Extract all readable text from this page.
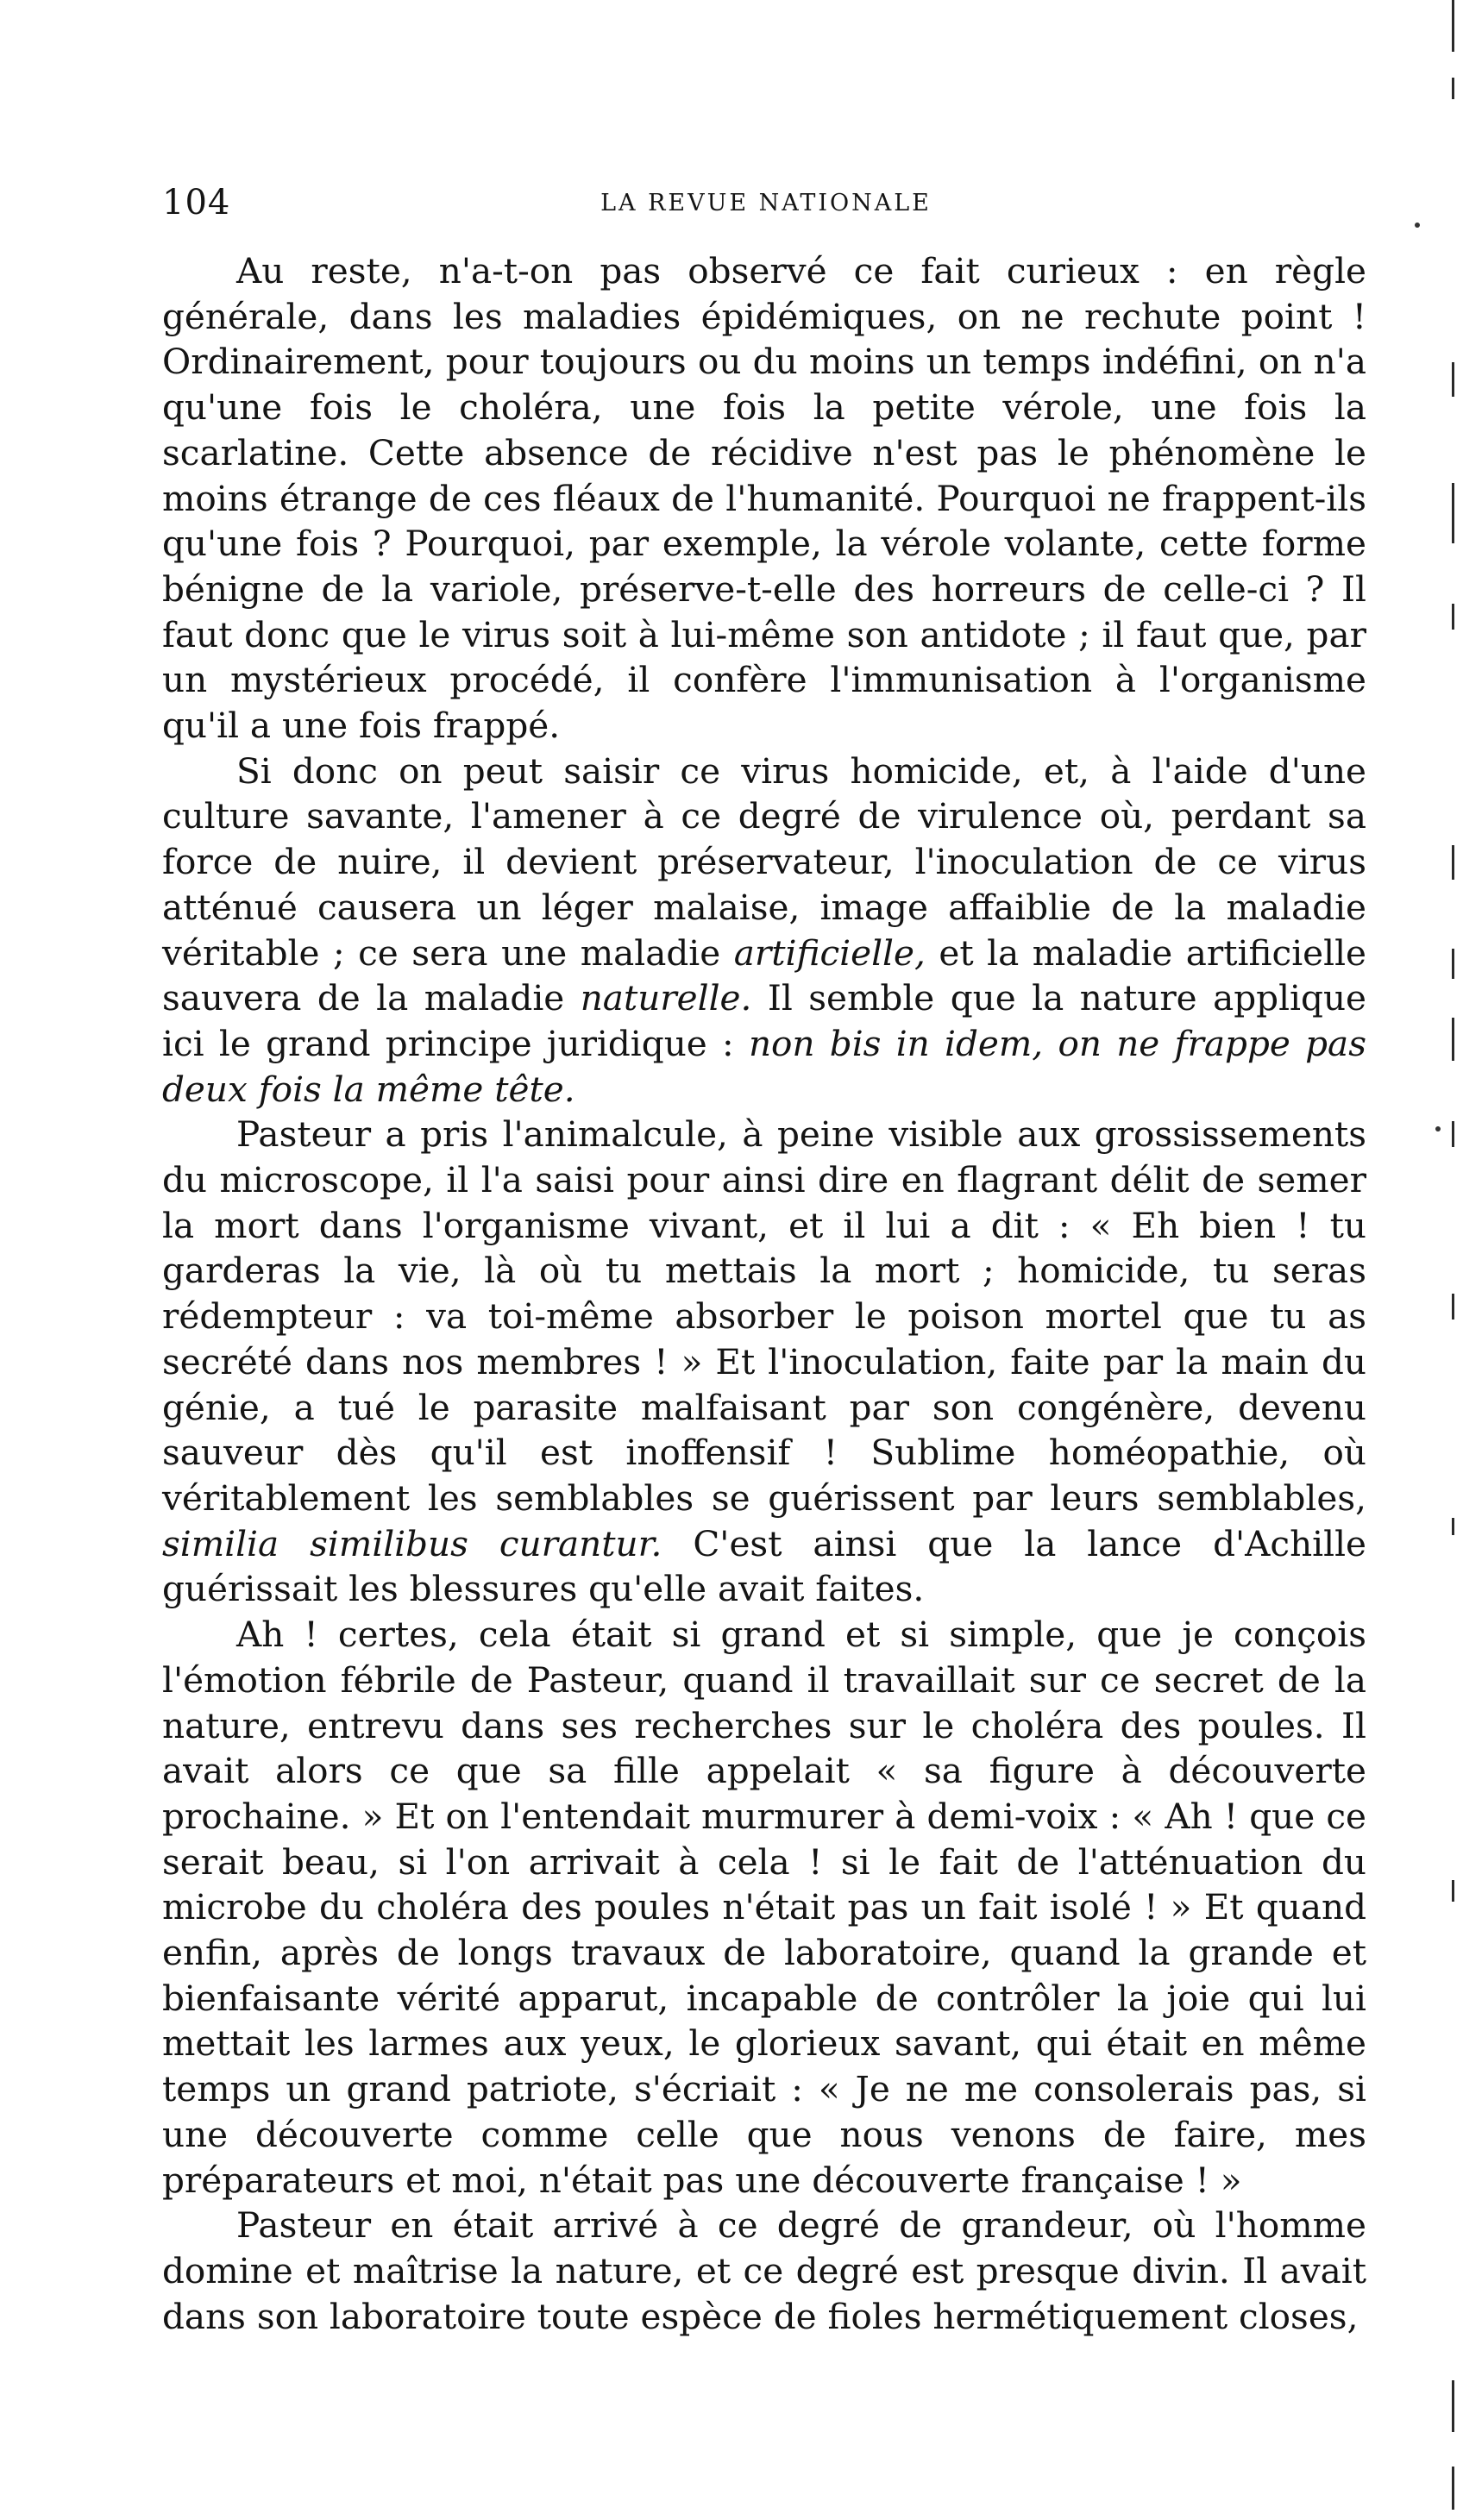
104	LA REVUE NATIONALE

Au reste, n'a-t-on pas observé ce fait curieux : en règle générale, dans les maladies épidémiques, on ne rechute point ! Ordinairement, pour toujours ou du moins un temps indéfini, on n'a qu'une fois le choléra, une fois la petite vérole, une fois la scarlatine. Cette absence de récidive n'est pas le phénomène le moins étrange de ces fléaux de l'humanité. Pourquoi ne frappent-ils qu'une fois ? Pourquoi, par exemple, la vérole volante, cette forme bénigne de la variole, préserve-t-elle des horreurs de celle-ci ? Il faut donc que le virus soit à lui-même son antidote ; il faut que, par un mystérieux procédé, il confère l'immunisation à l'organisme qu'il a une fois frappé.

Si donc on peut saisir ce virus homicide, et, à l'aide d'une culture savante, l'amener à ce degré de virulence où, perdant sa force de nuire, il devient préservateur, l'inoculation de ce virus atténué causera un léger malaise, image affaiblie de la maladie véritable ; ce sera une maladie artificielle, et la maladie artificielle sauvera de la maladie naturelle. Il semble que la nature applique ici le grand principe juridique : non bis in idem, on ne frappe pas deux fois la même tête.

Pasteur a pris l'animalcule, à peine visible aux grossissements du microscope, il l'a saisi pour ainsi dire en flagrant délit de semer la mort dans l'organisme vivant, et il lui a dit : « Eh bien ! tu garderas la vie, là où tu mettais la mort ; homicide, tu seras rédempteur : va toi-même absorber le poison mortel que tu as secrété dans nos membres ! » Et l'inoculation, faite par la main du génie, a tué le parasite malfaisant par son congénère, devenu sauveur dès qu'il est inoffensif ! Sublime homéopathie, où véritablement les semblables se guérissent par leurs semblables, similia similibus curantur. C'est ainsi que la lance d'Achille guérissait les blessures qu'elle avait faites.

Ah ! certes, cela était si grand et si simple, que je conçois l'émotion fébrile de Pasteur, quand il travaillait sur ce secret de la nature, entrevu dans ses recherches sur le choléra des poules. Il avait alors ce que sa fille appelait « sa figure à découverte prochaine. » Et on l'entendait murmurer à demi-voix : « Ah ! que ce serait beau, si l'on arrivait à cela ! si le fait de l'atténuation du microbe du choléra des poules n'était pas un fait isolé ! » Et quand enfin, après de longs travaux de laboratoire, quand la grande et bienfaisante vérité apparut, incapable de contrôler la joie qui lui mettait les larmes aux yeux, le glorieux savant, qui était en même temps un grand patriote, s'écriait : « Je ne me consolerais pas, si une découverte comme celle que nous venons de faire, mes préparateurs et moi, n'était pas une découverte française ! »

Pasteur en était arrivé à ce degré de grandeur, où l'homme domine et maîtrise la nature, et ce degré est presque divin. Il avait dans son laboratoire toute espèce de fioles hermétiquement closes,
